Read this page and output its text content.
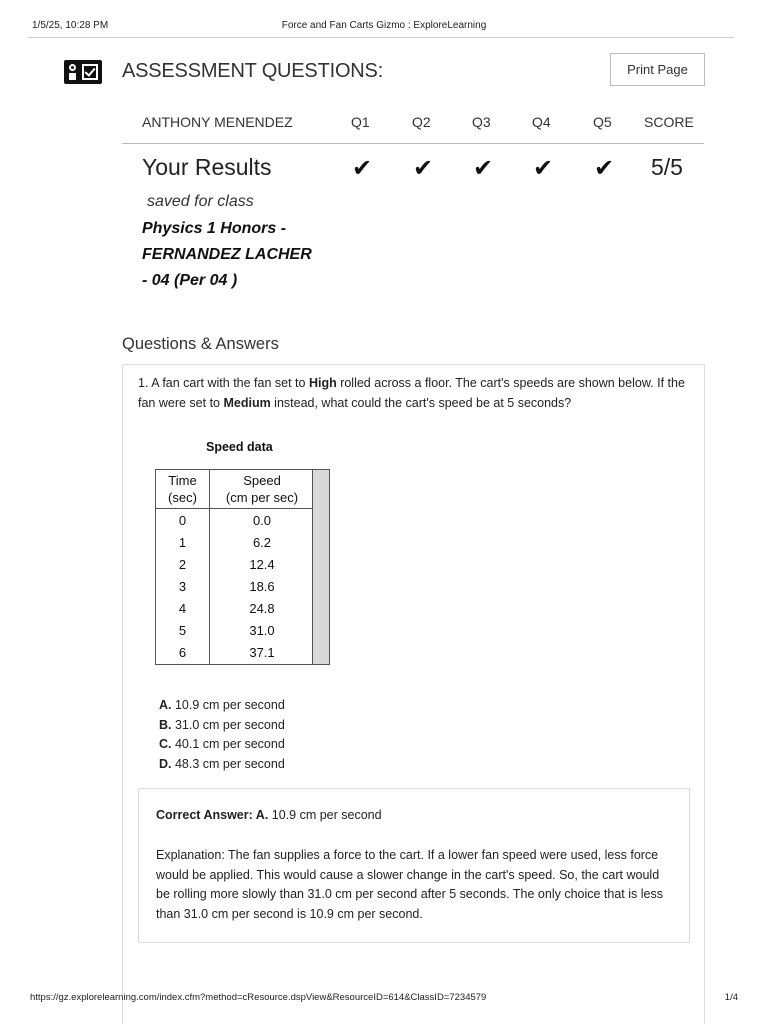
1/5/25, 10:28 PM	Force and Fan Carts Gizmo : ExploreLearning
ASSESSMENT QUESTIONS:	Print Page
ANTHONY MENENDEZ	Q1	Q2	Q3	Q4	Q5 SCORE
Your Results	✔ ✔ ✔ ✔ ✔ 5/5
saved for class
Physics 1 Honors -
FERNANDEZ LACHER
- 04 (Per 04 )
Questions & Answers
1. A fan cart with the fan set to High rolled across a floor. The cart's speeds are shown below. If the fan were set to Medium instead, what could the cart's speed be at 5 seconds?
Speed data
Time
(sec)
Speed
(cm per sec)
0	0.0
1	6.2
2	12.4
3	18.6
4	24.8
5	31.0
6	37.1
A. 10.9 cm per second
B. 31.0 cm per second
C. 40.1 cm per second
D. 48.3 cm per second
Correct Answer: A. 10.9 cm per second
Explanation: The fan supplies a force to the cart. If a lower fan speed were used, less force would be applied. This would cause a slower change in the cart's speed. So, the cart would be rolling more slowly than 31.0 cm per second after 5 seconds. The only choice that is less than 31.0 cm per second is 10.9 cm per second.
https://gz.explorelearning.com/index.cfm?method=cResource.dspView&ResourceID=614&ClassID=7234579	1/4
